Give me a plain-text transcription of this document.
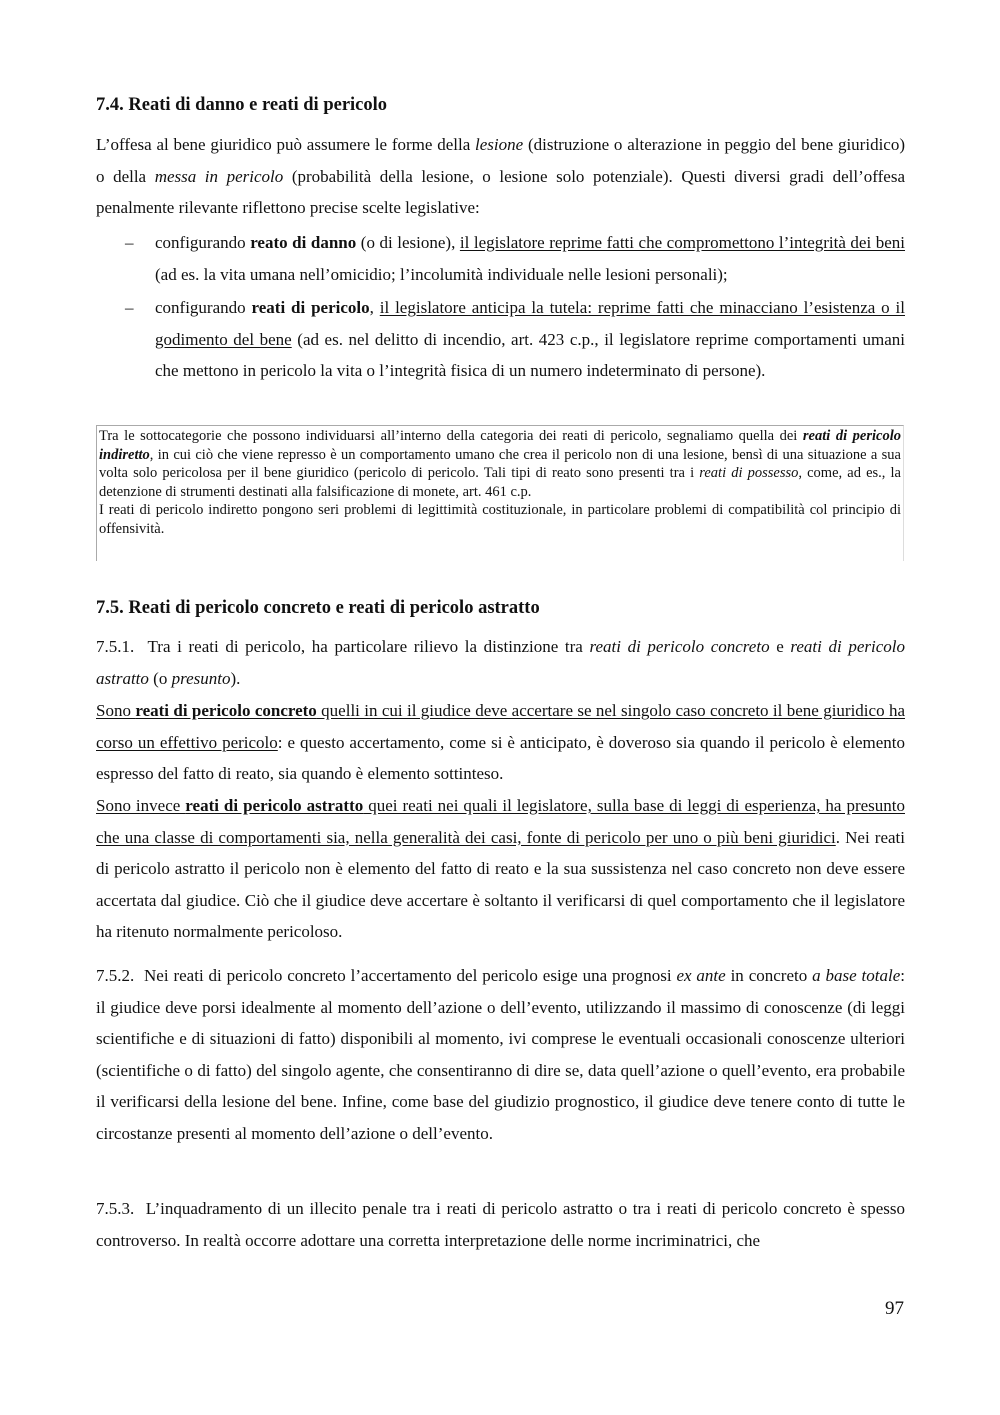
7.4. Reati di danno e reati di pericolo

L’offesa al bene giuridico può assumere le forme della lesione (distruzione o alterazione in peggio del bene giuridico) o della messa in pericolo (probabilità della lesione, o lesione solo potenziale). Questi diversi gradi dell’offesa penalmente rilevante riflettono precise scelte legislative:

– configurando reato di danno (o di lesione), il legislatore reprime fatti che compromettono l’integrità dei beni (ad es. la vita umana nell’omicidio; l’incolumità individuale nelle lesioni personali);

– configurando reati di pericolo, il legislatore anticipa la tutela: reprime fatti che minacciano l’esistenza o il godimento del bene (ad es. nel delitto di incendio, art. 423 c.p., il legislatore reprime comportamenti umani che mettono in pericolo la vita o l’integrità fisica di un numero indeterminato di persone).

Tra le sottocategorie che possono individuarsi all’interno della categoria dei reati di pericolo, segnaliamo quella dei reati di pericolo indiretto, in cui ciò che viene represso è un comportamento umano che crea il pericolo non di una lesione, bensì di una situazione a sua volta solo pericolosa per il bene giuridico (pericolo di pericolo. Tali tipi di reato sono presenti tra i reati di possesso, come, ad es., la detenzione di strumenti destinati alla falsificazione di monete, art. 461 c.p.

I reati di pericolo indiretto pongono seri problemi di legittimità costituzionale, in particolare problemi di compatibilità col principio di offensività.

7.5. Reati di pericolo concreto e reati di pericolo astratto

7.5.1. Tra i reati di pericolo, ha particolare rilievo la distinzione tra reati di pericolo concreto e reati di pericolo astratto (o presunto).

Sono reati di pericolo concreto quelli in cui il giudice deve accertare se nel singolo caso concreto il bene giuridico ha corso un effettivo pericolo: e questo accertamento, come si è anticipato, è doveroso sia quando il pericolo è elemento espresso del fatto di reato, sia quando è elemento sottinteso.

Sono invece reati di pericolo astratto quei reati nei quali il legislatore, sulla base di leggi di esperienza, ha presunto che una classe di comportamenti sia, nella generalità dei casi, fonte di pericolo per uno o più beni giuridici. Nei reati di pericolo astratto il pericolo non è elemento del fatto di reato e la sua sussistenza nel caso concreto non deve essere accertata dal giudice. Ciò che il giudice deve accertare è soltanto il verificarsi di quel comportamento che il legislatore ha ritenuto normalmente pericoloso.

7.5.2. Nei reati di pericolo concreto l’accertamento del pericolo esige una prognosi ex ante in concreto a base totale: il giudice deve porsi idealmente al momento dell’azione o dell’evento, utilizzando il massimo di conoscenze (di leggi scientifiche e di situazioni di fatto) disponibili al momento, ivi comprese le eventuali occasionali conoscenze ulteriori (scientifiche o di fatto) del singolo agente, che consentiranno di dire se, data quell’azione o quell’evento, era probabile il verificarsi della lesione del bene. Infine, come base del giudizio prognostico, il giudice deve tenere conto di tutte le circostanze presenti al momento dell’azione o dell’evento.

7.5.3. L’inquadramento di un illecito penale tra i reati di pericolo astratto o tra i reati di pericolo concreto è spesso controverso. In realtà occorre adottare una corretta interpretazione delle norme incriminatrici, che

97
